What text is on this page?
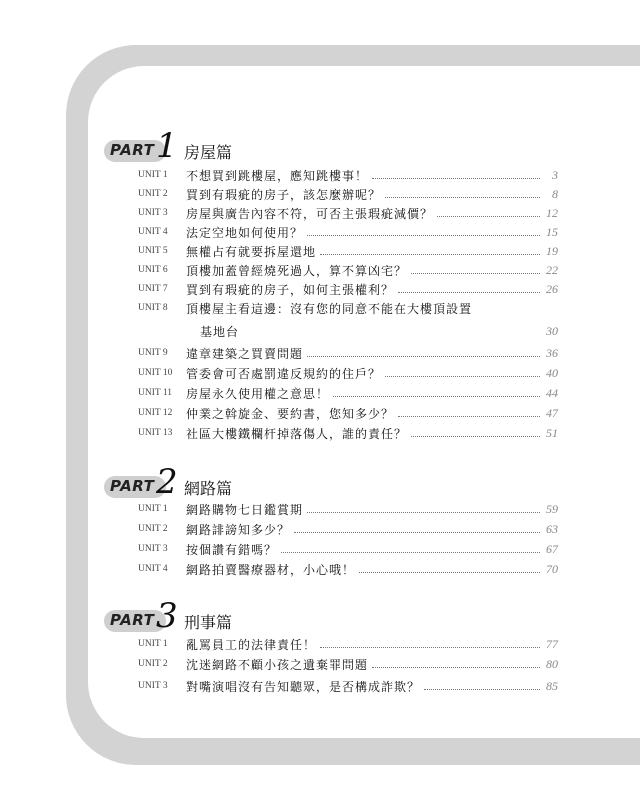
PART 1 房屋篇
UNIT 1	不想買到跳樓屋，應知跳樓事！	3
UNIT 2	買到有瑕疵的房子，該怎麼辦呢？	8
UNIT 3	房屋與廣告內容不符，可否主張瑕疵減價？	12
UNIT 4	法定空地如何使用？	15
UNIT 5	無權占有就要拆屋還地	19
UNIT 6	頂樓加蓋曾經燒死過人，算不算凶宅？	22
UNIT 7	買到有瑕疵的房子，如何主張權利？	26
UNIT 8	頂樓屋主看這邊：沒有您的同意不能在大樓頂設置
基地台	30
UNIT 9	違章建築之買賣問題	36
UNIT 10	管委會可否處罰違反規約的住戶？	40
UNIT 11	房屋永久使用權之意思！	44
UNIT 12	仲業之斡旋金、要約書，您知多少？	47
UNIT 13	社區大樓鐵欄杆掉落傷人，誰的責任？	51
PART 2 網路篇
UNIT 1	網路購物七日鑑賞期	59
UNIT 2	網路誹謗知多少？	63
UNIT 3	按個讚有錯嗎？	67
UNIT 4	網路拍賣醫療器材，小心哦！	70
PART 3 刑事篇
UNIT 1	亂罵員工的法律責任！	77
UNIT 2	沈迷網路不顧小孩之遺棄罪問題	80
UNIT 3	對嘴演唱沒有告知聽眾，是否構成詐欺？	85
